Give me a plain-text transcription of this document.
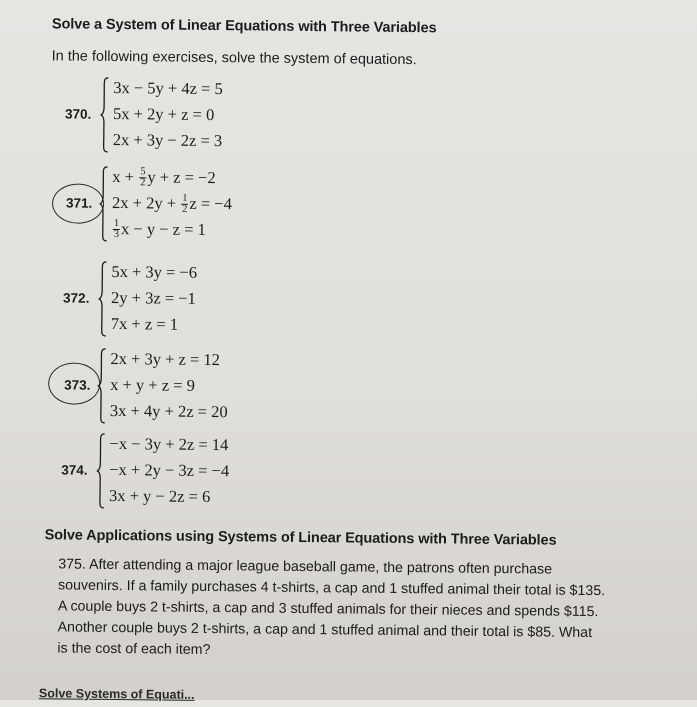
Solve a System of Linear Equations with Three Variables
In the following exercises, solve the system of equations.
370.
3x − 5y + 4z = 5
5x + 2y + z = 0
2x + 3y − 2z = 3
371.
$x + \frac{5}{2}$ y + z = −2
$2x + 2y + \frac{1}{2}$ z = −4
$\frac{1}{3}$ x − y − z = 1
372.
5x + 3y = −6
2y + 3z = −1
7x + z = 1
373.
2x + 3y + z = 12
x + y + z = 9
3x + 4y + 2z = 20
374.
−x − 3y + 2z = 14
−x + 2y − 3z = −4
3x + y − 2z = 6
Solve Applications using Systems of Linear Equations with Three Variables
375. After attending a major league baseball game, the patrons often purchase
souvenirs. If a family purchases 4 t-shirts, a cap and 1 stuffed animal their total is $135.
A couple buys 2 t-shirts, a cap and 3 stuffed animals for their nieces and spends $115.
Another couple buys 2 t-shirts, a cap and 1 stuffed animal and their total is $85. What
is the cost of each item?
Solve Systems of Equati...
